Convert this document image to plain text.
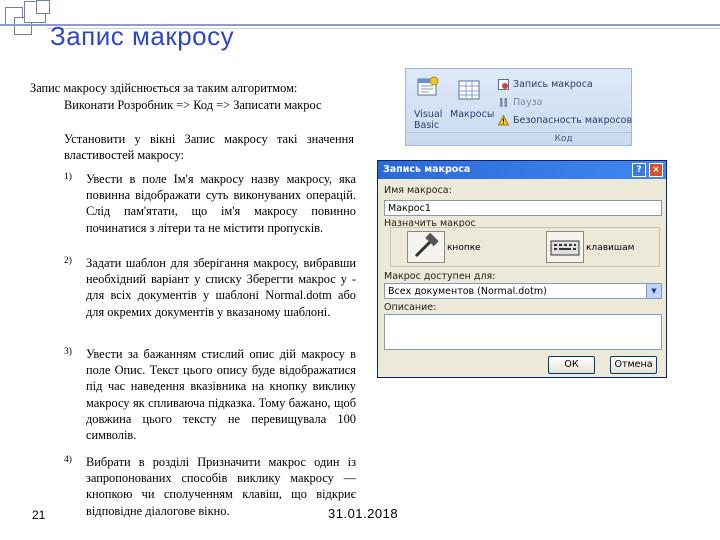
Запис макросу
Запис макросу здійснюється за таким алгоритмом:
Виконати Розробник => Код => Записати макрос
Установити у вікні Запис макросу такі значення властивостей макросу:
1) Увести в поле Ім'я макросу назву макросу, яка повинна відображати суть виконуваних операцій. Слід пам'ятати, що ім'я макросу повинно починатися з літери та не містити пропусків.
2) Задати шаблон для зберігання макросу, вибравши необхідний варіант у списку Зберегти макрос у - для всіх документів у шаблоні Normal.dotm або для окремих документів у вказаному шаблоні.
3) Увести за бажанням стислий опис дій макросу в поле Опис. Текст цього опису буде відображатися під час наведення вказівника на кнопку виклику макросу як спливаюча підказка. Тому бажано, щоб довжина цього тексту не перевищувала 100 символів.
4) Вибрати в розділі Призначити макрос один із запропонованих способів виклику макросу — кнопкою чи сполученням клавіш, що відкриє відповідне діалогове вікно.
21	31.01.2018
Visual
Basic
Макросы
Запись макроса
Пауза
Безопасность макросов
Код
Запись макроса	?	×
Имя макроса:
Макрос1
Назначить макрос
кнопке	клавишам
Макрос доступен для:
Всех документов (Normal.dotm)	▼
Описание:
ОК	Отмена
